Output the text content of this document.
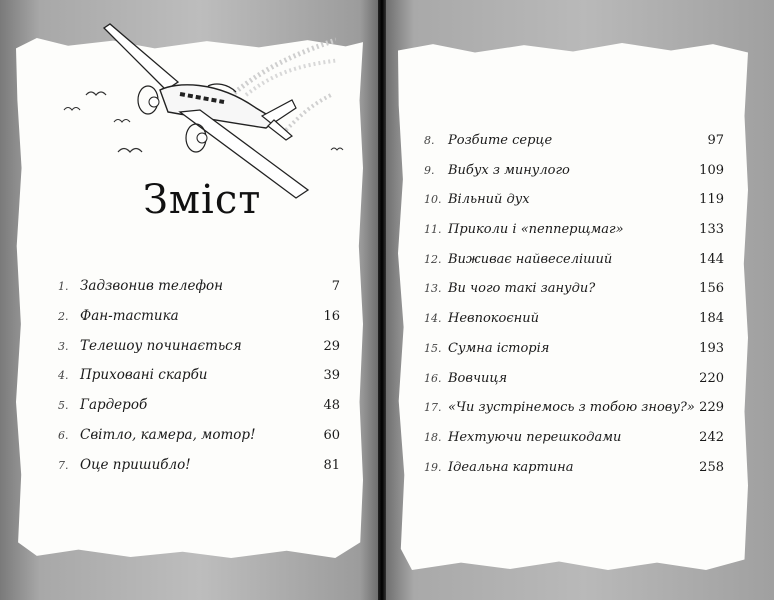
Зміст
1. Задзвонив телефон	7
2. Фан-тастика	16
3. Телешоу починається	29
4. Приховані скарби	39
5. Гардероб	48
6. Світло, камера, мотор!	60
7. Оце пришибло!	81
8. Розбите серце	97
9. Вибух з минулого	109
10. Вільний дух	119
11. Приколи і «пепперщмаг»	133
12. Виживає найвеселіший	144
13. Ви чого такі зануди?	156
14. Невпокоєний	184
15. Сумна історія	193
16. Вовчиця	220
17. «Чи зустрінемось з тобою знову?» 229
18. Нехтуючи перешкодами	242
19. Ідеальна картина	258
